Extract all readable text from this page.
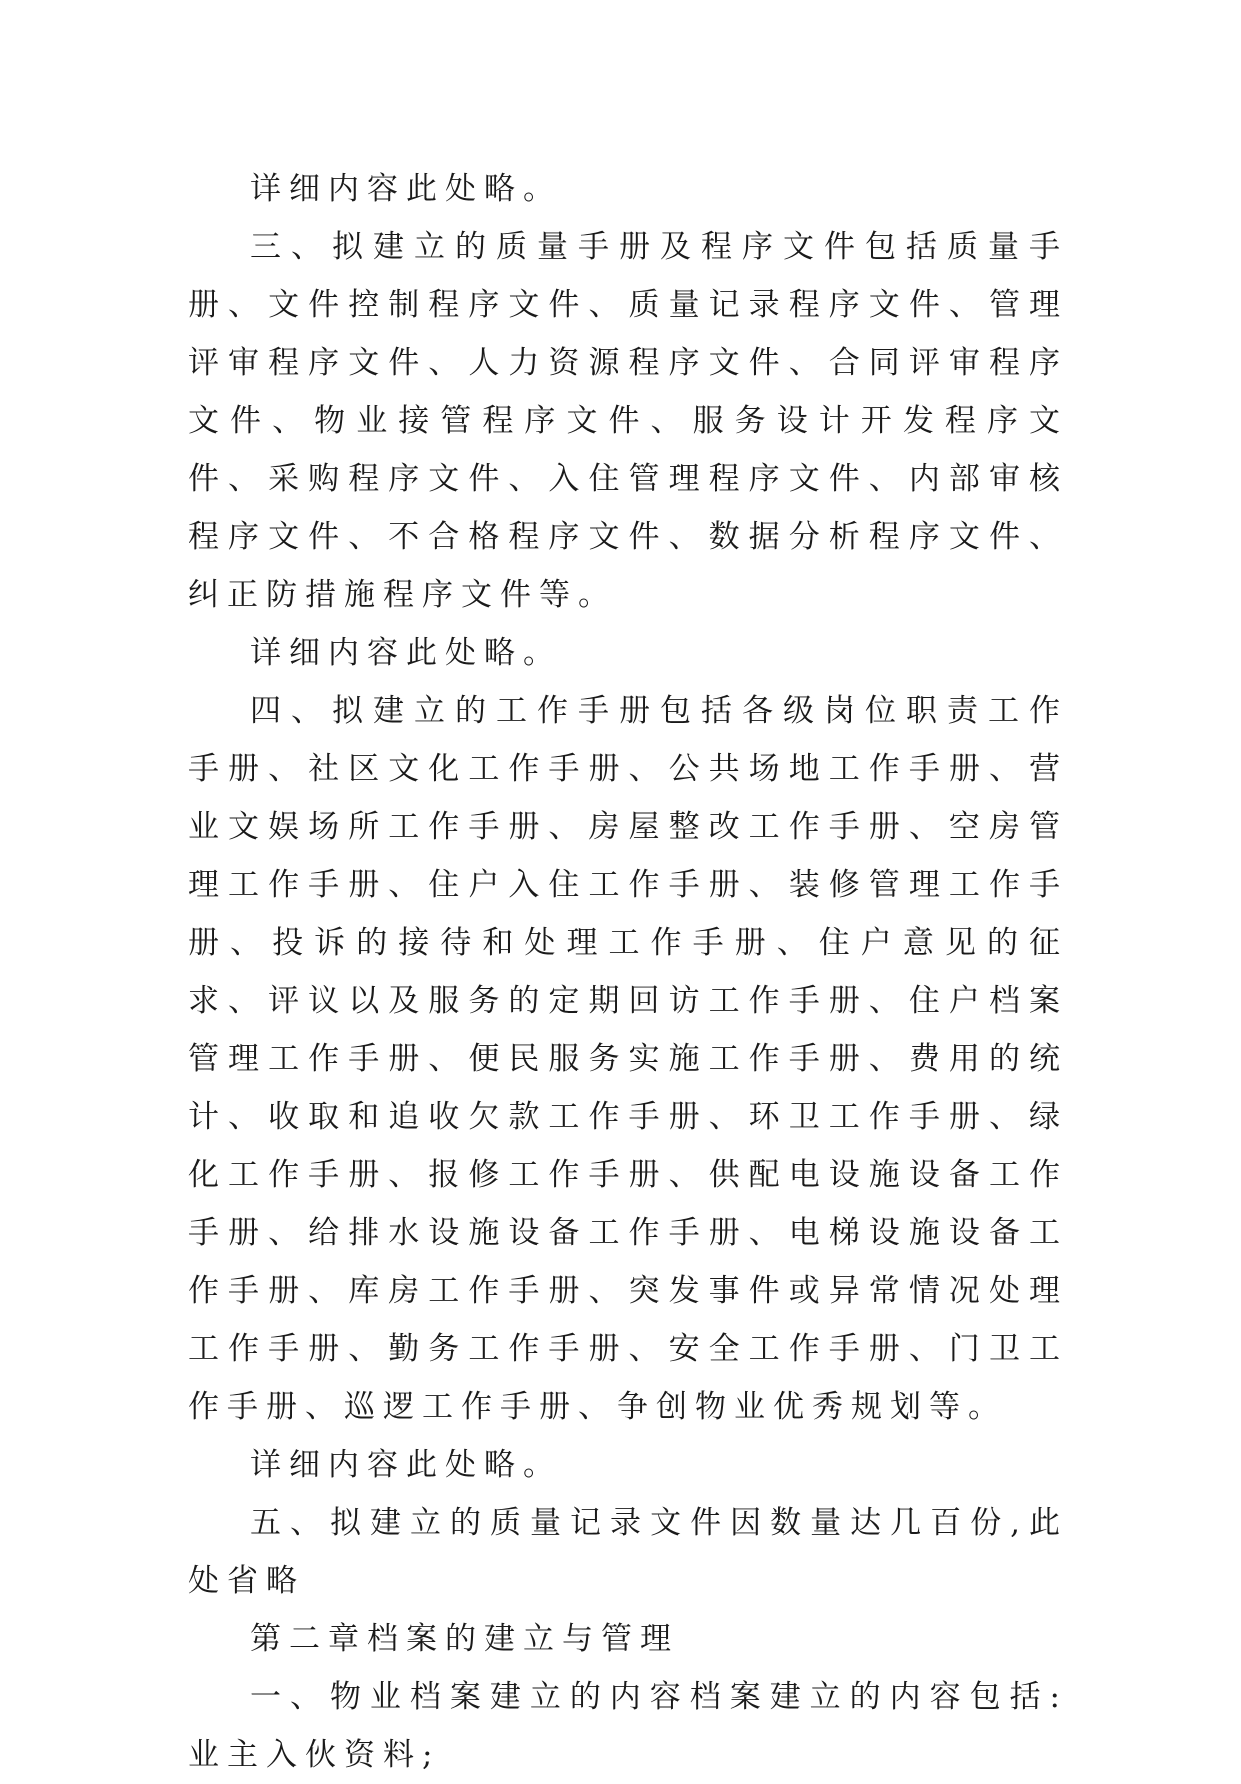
详细内容此处略。

三、拟建立的质量手册及程序文件包括质量手册、文件控制程序文件、质量记录程序文件、管理评审程序文件、人力资源程序文件、合同评审程序文件、物业接管程序文件、服务设计开发程序文件、采购程序文件、入住管理程序文件、内部审核程序文件、不合格程序文件、数据分析程序文件、纠正防措施程序文件等。

详细内容此处略。

四、拟建立的工作手册包括各级岗位职责工作手册、社区文化工作手册、公共场地工作手册、营业文娱场所工作手册、房屋整改工作手册、空房管理工作手册、住户入住工作手册、装修管理工作手册、投诉的接待和处理工作手册、住户意见的征求、评议以及服务的定期回访工作手册、住户档案管理工作手册、便民服务实施工作手册、费用的统计、收取和追收欠款工作手册、环卫工作手册、绿化工作手册、报修工作手册、供配电设施设备工作手册、给排水设施设备工作手册、电梯设施设备工作手册、库房工作手册、突发事件或异常情况处理工作手册、勤务工作手册、安全工作手册、门卫工作手册、巡逻工作手册、争创物业优秀规划等。

详细内容此处略。

五、拟建立的质量记录文件因数量达几百份,此处省略

第二章档案的建立与管理

一、物业档案建立的内容档案建立的内容包括:业主入伙资料;
